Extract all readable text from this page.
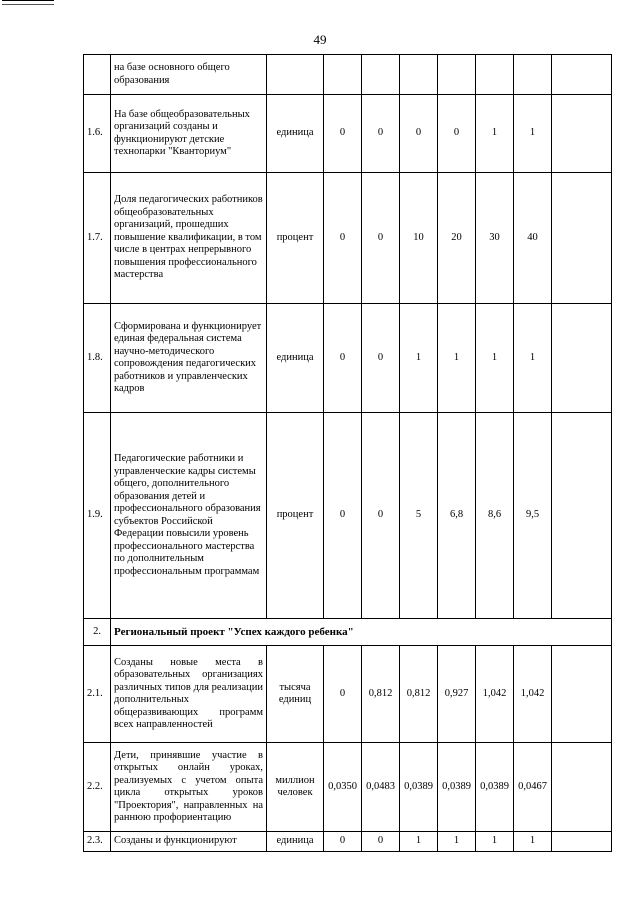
49
	на базе основного общего образования								
1.6.	На базе общеобразовательных организаций созданы и функционируют детские технопарки "Кванториум"	единица	0	0	0	0	1	1	
1.7.	Доля педагогических работников общеобразовательных организаций, прошедших повышение квалификации, в том числе в центрах непрерывного повышения профессионального мастерства	процент	0	0	10	20	30	40	
1.8.	Сформирована и функционирует единая федеральная система научно-методического сопровождения педагогических работников и управленческих кадров	единица	0	0	1	1	1	1	
1.9.	Педагогические работники и управленческие кадры системы общего, дополнительного образования детей и профессионального образования субъектов Российской Федерации повысили уровень профессионального мастерства по дополнительным профессиональным программам	процент	0	0	5	6,8	8,6	9,5	
2.	Региональный проект "Успех каждого ребенка"								
2.1.	Созданы новые места в образовательных организациях различных типов для реализации дополнительных общеразвивающих программ всех направленностей	тысяча единиц	0	0,812	0,812	0,927	1,042	1,042	
2.2.	Дети, принявшие участие в открытых онлайн уроках, реализуемых с учетом опыта цикла открытых уроков "Проектория", направленных на раннюю профориентацию	миллион человек	0,0350	0,0483	0,0389	0,0389	0,0389	0,0467	
2.3.	Созданы и функционируют	единица	0	0	1	1	1	1	
